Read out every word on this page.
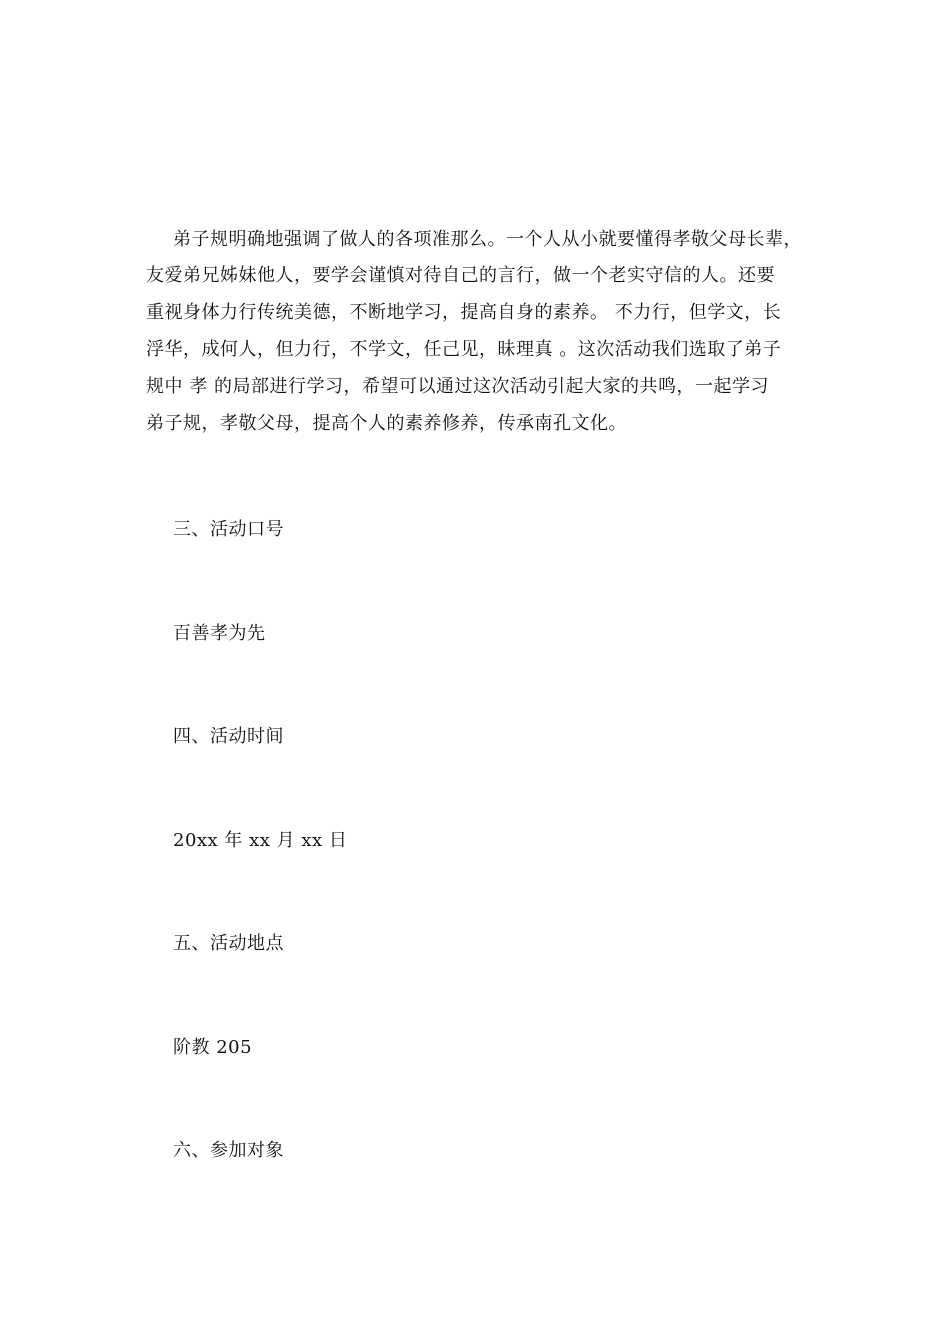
弟子规明确地强调了做人的各项准那么。一个人从小就要懂得孝敬父母长辈，
友爱弟兄姊妹他人，要学会谨慎对待自己的言行，做一个老实守信的人。还要
重视身体力行传统美德，不断地学习，提高自身的素养。 不力行，但学文，长
浮华，成何人，但力行，不学文，任己见，昧理真 。这次活动我们选取了弟子
规中 孝 的局部进行学习，希望可以通过这次活动引起大家的共鸣，一起学习
弟子规，孝敬父母，提高个人的素养修养，传承南孔文化。
三、活动口号
百善孝为先
四、活动时间
20xx 年 xx 月 xx 日
五、活动地点
阶教 205
六、参加对象
